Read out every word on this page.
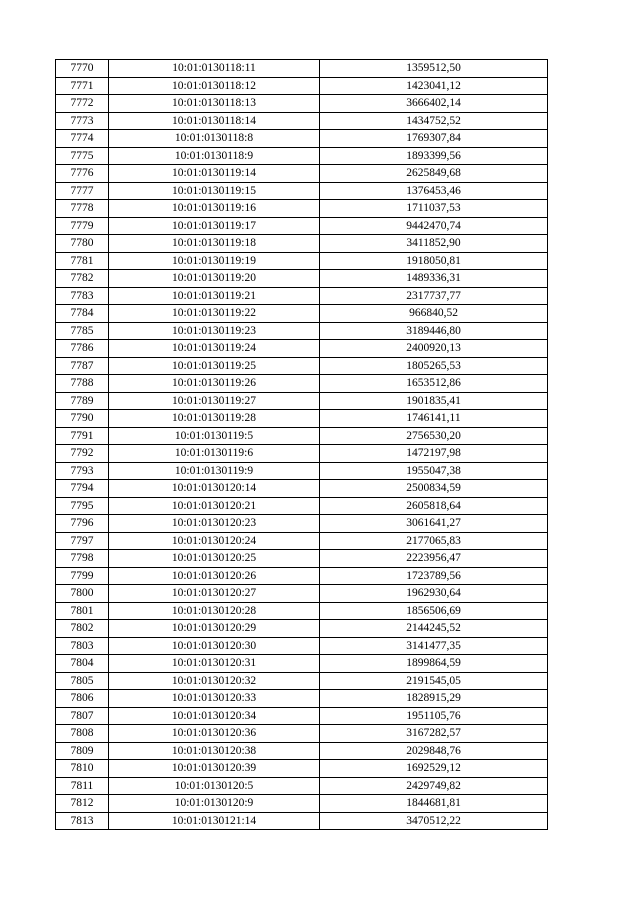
7770	10:01:0130118:11	1359512,50
7771	10:01:0130118:12	1423041,12
7772	10:01:0130118:13	3666402,14
7773	10:01:0130118:14	1434752,52
7774	10:01:0130118:8	1769307,84
7775	10:01:0130118:9	1893399,56
7776	10:01:0130119:14	2625849,68
7777	10:01:0130119:15	1376453,46
7778	10:01:0130119:16	1711037,53
7779	10:01:0130119:17	9442470,74
7780	10:01:0130119:18	3411852,90
7781	10:01:0130119:19	1918050,81
7782	10:01:0130119:20	1489336,31
7783	10:01:0130119:21	2317737,77
7784	10:01:0130119:22	966840,52
7785	10:01:0130119:23	3189446,80
7786	10:01:0130119:24	2400920,13
7787	10:01:0130119:25	1805265,53
7788	10:01:0130119:26	1653512,86
7789	10:01:0130119:27	1901835,41
7790	10:01:0130119:28	1746141,11
7791	10:01:0130119:5	2756530,20
7792	10:01:0130119:6	1472197,98
7793	10:01:0130119:9	1955047,38
7794	10:01:0130120:14	2500834,59
7795	10:01:0130120:21	2605818,64
7796	10:01:0130120:23	3061641,27
7797	10:01:0130120:24	2177065,83
7798	10:01:0130120:25	2223956,47
7799	10:01:0130120:26	1723789,56
7800	10:01:0130120:27	1962930,64
7801	10:01:0130120:28	1856506,69
7802	10:01:0130120:29	2144245,52
7803	10:01:0130120:30	3141477,35
7804	10:01:0130120:31	1899864,59
7805	10:01:0130120:32	2191545,05
7806	10:01:0130120:33	1828915,29
7807	10:01:0130120:34	1951105,76
7808	10:01:0130120:36	3167282,57
7809	10:01:0130120:38	2029848,76
7810	10:01:0130120:39	1692529,12
7811	10:01:0130120:5	2429749,82
7812	10:01:0130120:9	1844681,81
7813	10:01:0130121:14	3470512,22
